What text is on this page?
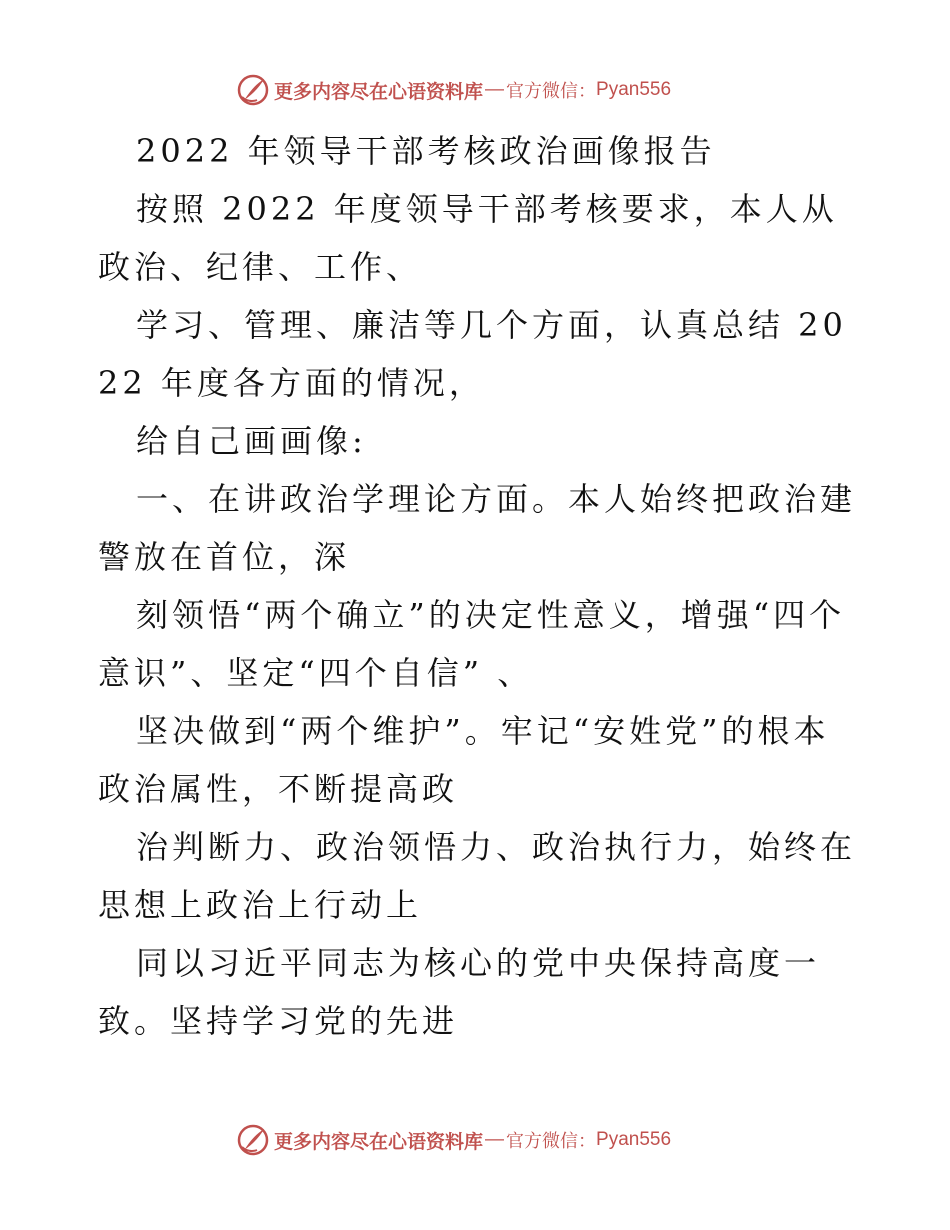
更多内容尽在心语资料库 — 官方微信： Pyan556

2022 年领导干部考核政治画像报告

按照 2022 年度领导干部考核要求，本人从政治、纪律、工作、

学习、管理、廉洁等几个方面，认真总结 2022 年度各方面的情况，

给自己画画像:

一、在讲政治学理论方面。本人始终把政治建警放在首位，深

刻领悟“两个确立”的决定性意义，增强“四个意识”、坚定“四个自信” 、

坚决做到“两个维护”。牢记“安姓党”的根本政治属性，不断提高政

治判断力、政治领悟力、政治执行力，始终在思想上政治上行动上

同以习近平同志为核心的党中央保持高度一致。坚持学习党的先进

更多内容尽在心语资料库 — 官方微信： Pyan556
